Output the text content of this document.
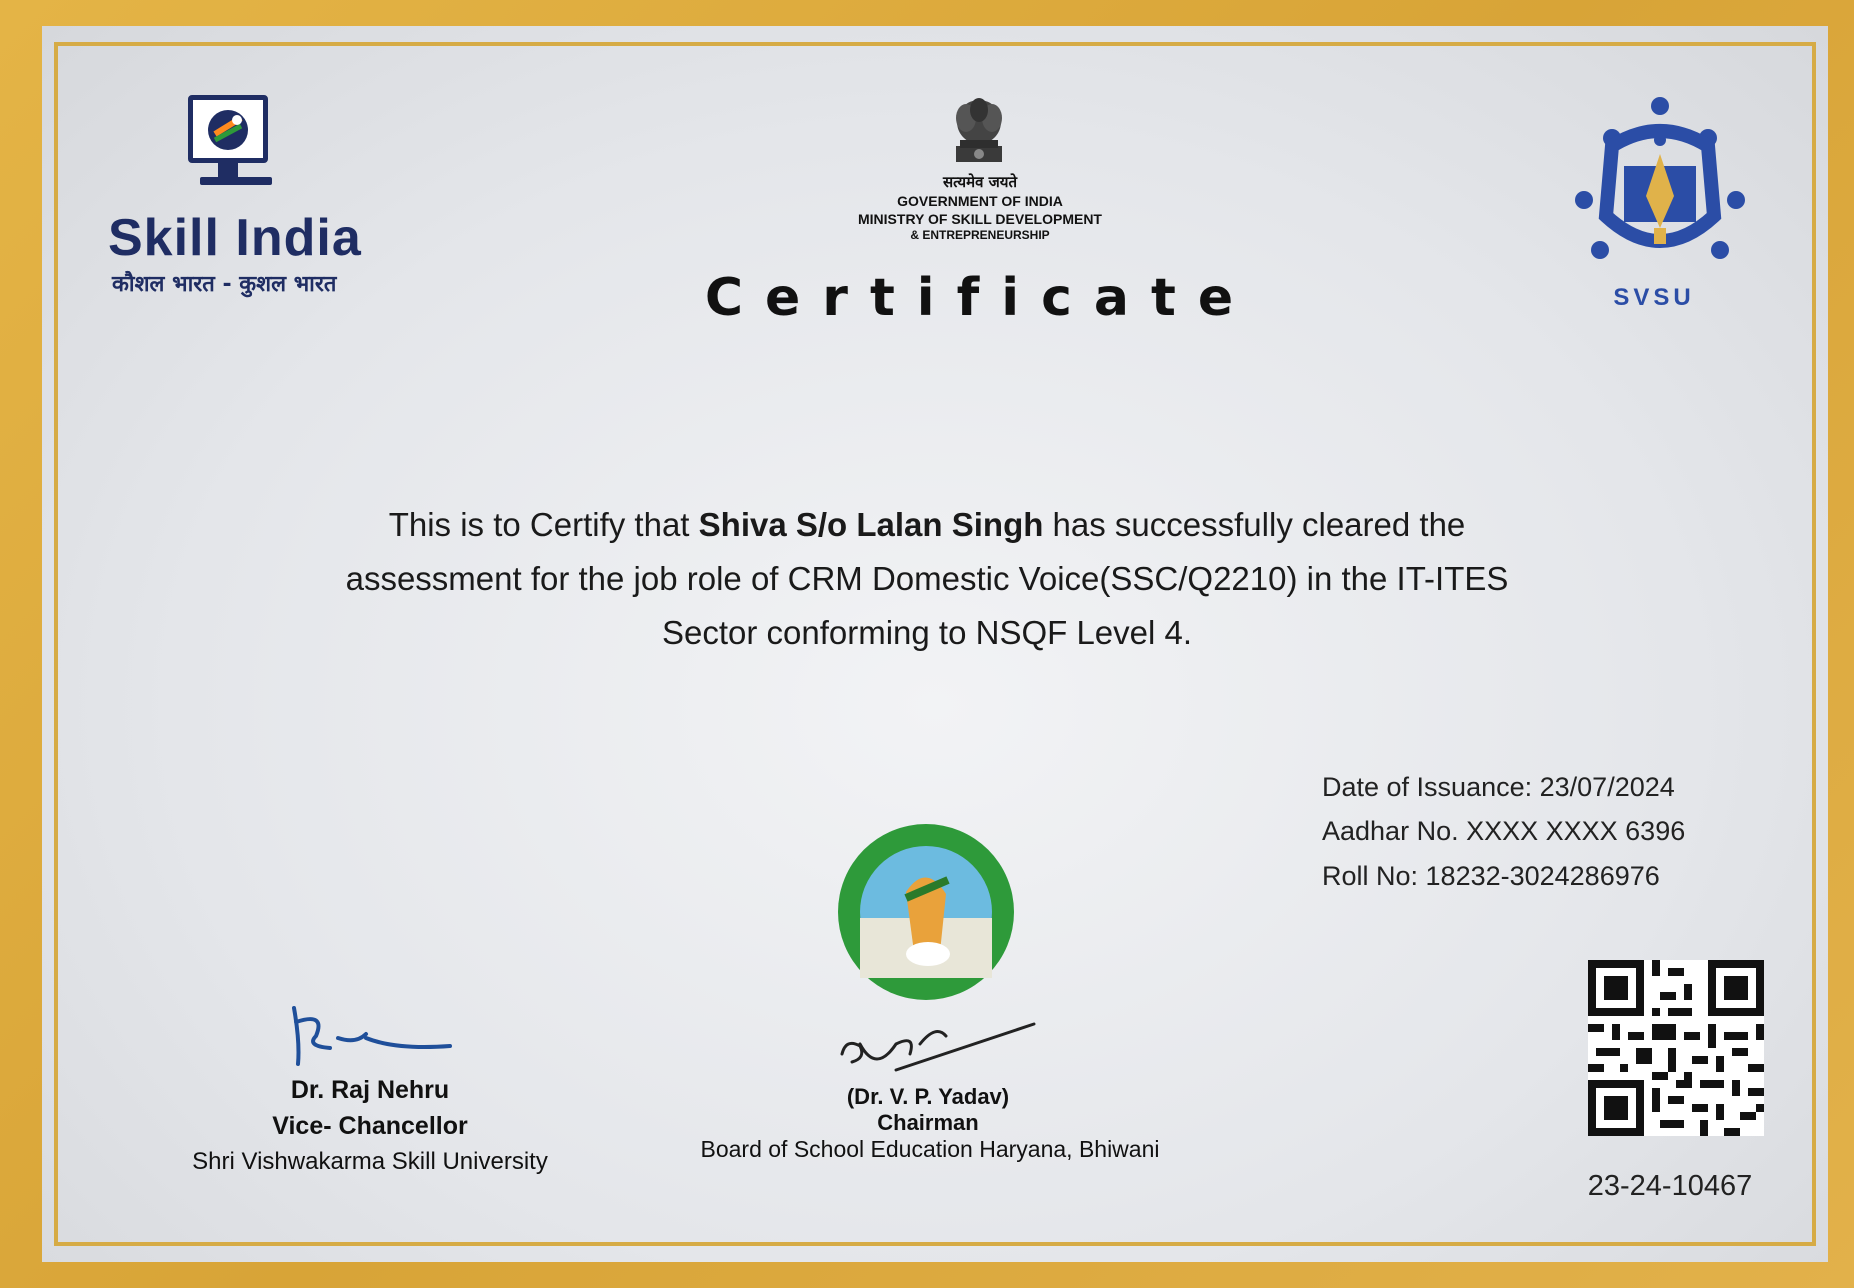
Skill India
कौशल भारत - कुशल भारत
सत्यमेव जयते
GOVERNMENT OF INDIA
MINISTRY OF SKILL DEVELOPMENT
& ENTREPRENEURSHIP
Certificate	SVSU
This is to Certify that Shiva S/o Lalan Singh has successfully cleared the
assessment for the job role of CRM Domestic Voice(SSC/Q2210) in the IT-ITES
Sector conforming to NSQF Level 4.
Date of Issuance: 23/07/2024
Aadhar No. XXXX XXXX 6396
Roll No: 18232-3024286976
Dr. Raj Nehru
Vice- Chancellor
Shri Vishwakarma Skill University
(Dr. V. P. Yadav)
Chairman
Board of School Education Haryana, Bhiwani
23-24-10467
